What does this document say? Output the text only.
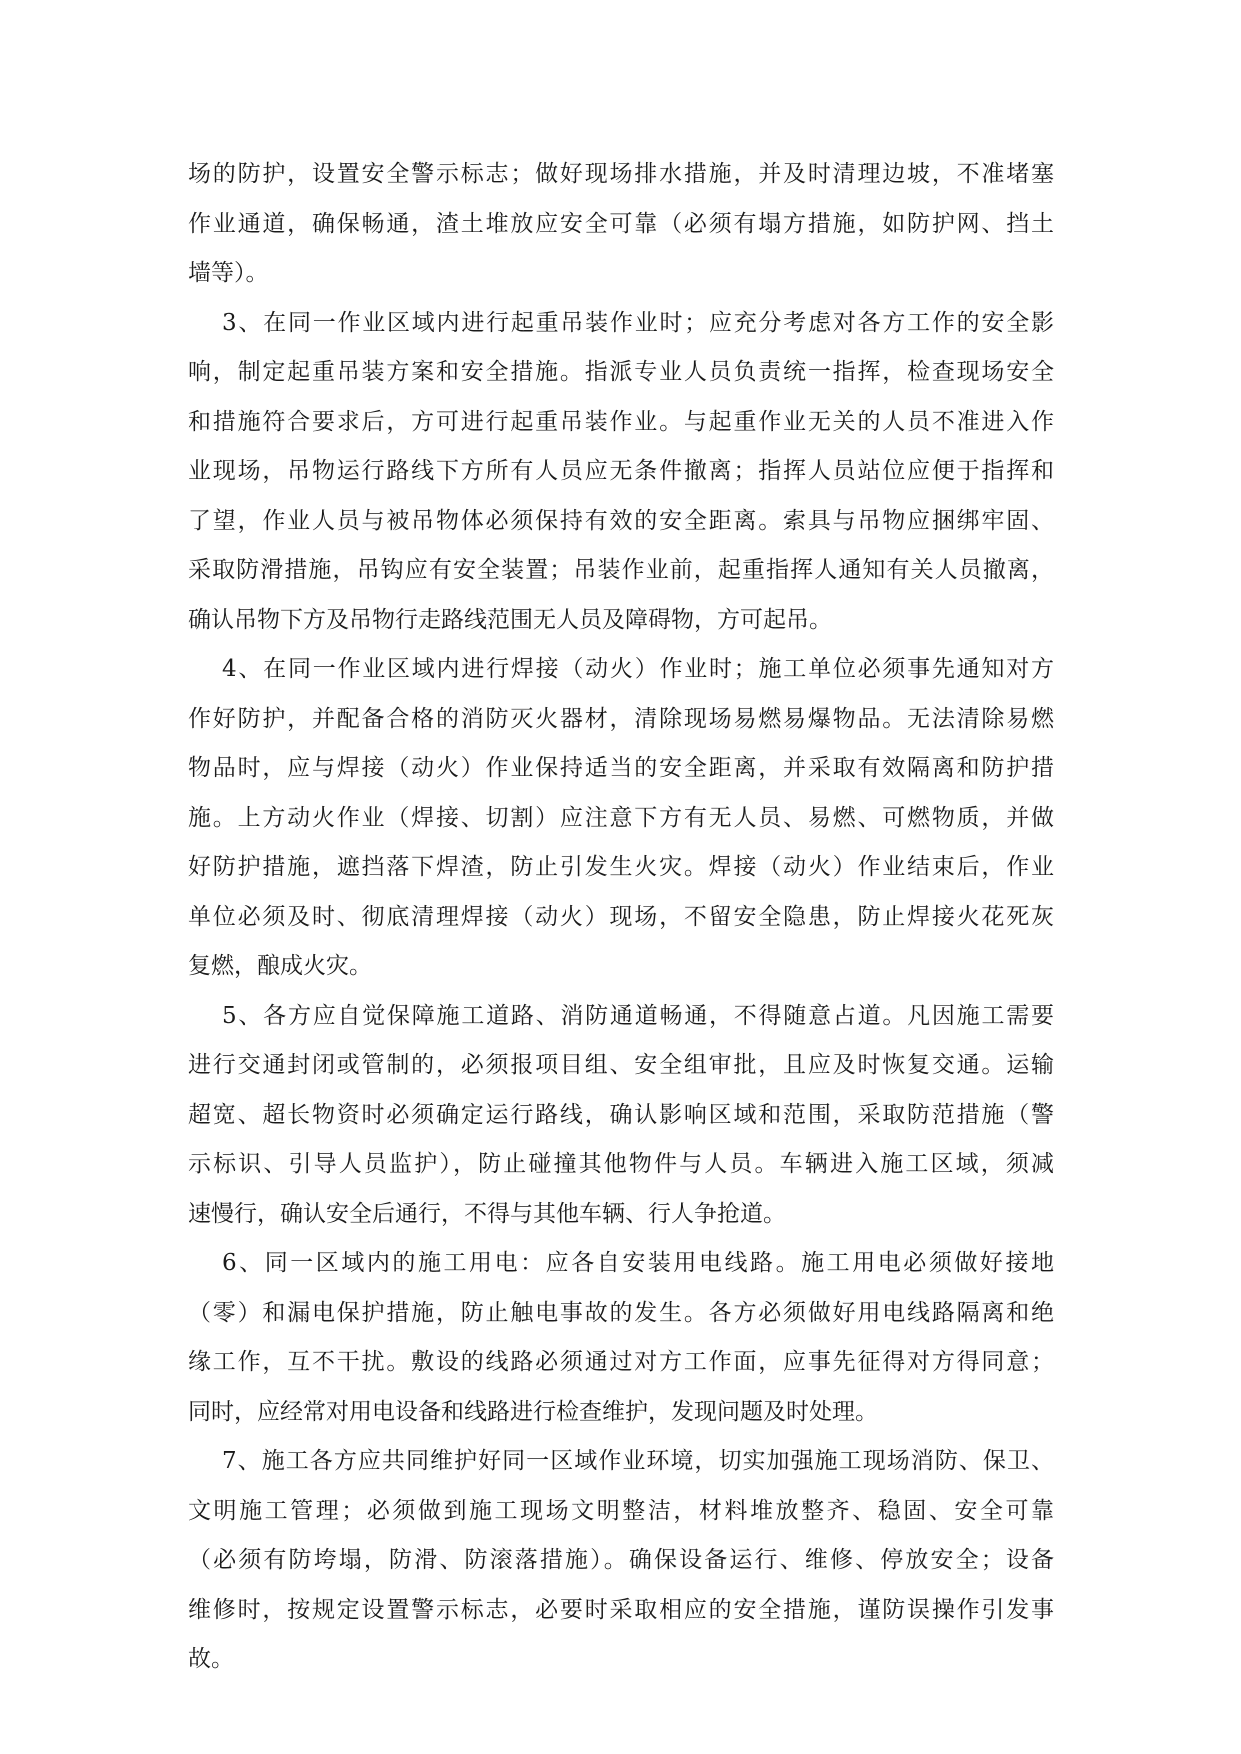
场的防护，设置安全警示标志；做好现场排水措施，并及时清理边坡，不准堵塞
作业通道，确保畅通，渣土堆放应安全可靠（必须有塌方措施，如防护网、挡土
墙等）。
3、在同一作业区域内进行起重吊装作业时；应充分考虑对各方工作的安全影
响，制定起重吊装方案和安全措施。指派专业人员负责统一指挥，检查现场安全
和措施符合要求后，方可进行起重吊装作业。与起重作业无关的人员不准进入作
业现场，吊物运行路线下方所有人员应无条件撤离；指挥人员站位应便于指挥和
了望，作业人员与被吊物体必须保持有效的安全距离。索具与吊物应捆绑牢固、
采取防滑措施，吊钩应有安全装置；吊装作业前，起重指挥人通知有关人员撤离，
确认吊物下方及吊物行走路线范围无人员及障碍物，方可起吊。
4、在同一作业区域内进行焊接（动火）作业时；施工单位必须事先通知对方
作好防护，并配备合格的消防灭火器材，清除现场易燃易爆物品。无法清除易燃
物品时，应与焊接（动火）作业保持适当的安全距离，并采取有效隔离和防护措
施。上方动火作业（焊接、切割）应注意下方有无人员、易燃、可燃物质，并做
好防护措施，遮挡落下焊渣，防止引发生火灾。焊接（动火）作业结束后，作业
单位必须及时、彻底清理焊接（动火）现场，不留安全隐患，防止焊接火花死灰
复燃，酿成火灾。
5、各方应自觉保障施工道路、消防通道畅通，不得随意占道。凡因施工需要
进行交通封闭或管制的，必须报项目组、安全组审批，且应及时恢复交通。运输
超宽、超长物资时必须确定运行路线，确认影响区域和范围，采取防范措施（警
示标识、引导人员监护），防止碰撞其他物件与人员。车辆进入施工区域，须减
速慢行，确认安全后通行，不得与其他车辆、行人争抢道。
6、同一区域内的施工用电：应各自安装用电线路。施工用电必须做好接地
（零）和漏电保护措施，防止触电事故的发生。各方必须做好用电线路隔离和绝
缘工作，互不干扰。敷设的线路必须通过对方工作面，应事先征得对方得同意；
同时，应经常对用电设备和线路进行检查维护，发现问题及时处理。
7、施工各方应共同维护好同一区域作业环境，切实加强施工现场消防、保卫、
文明施工管理；必须做到施工现场文明整洁，材料堆放整齐、稳固、安全可靠
（必须有防垮塌，防滑、防滚落措施）。确保设备运行、维修、停放安全；设备
维修时，按规定设置警示标志，必要时采取相应的安全措施，谨防误操作引发事
故。
